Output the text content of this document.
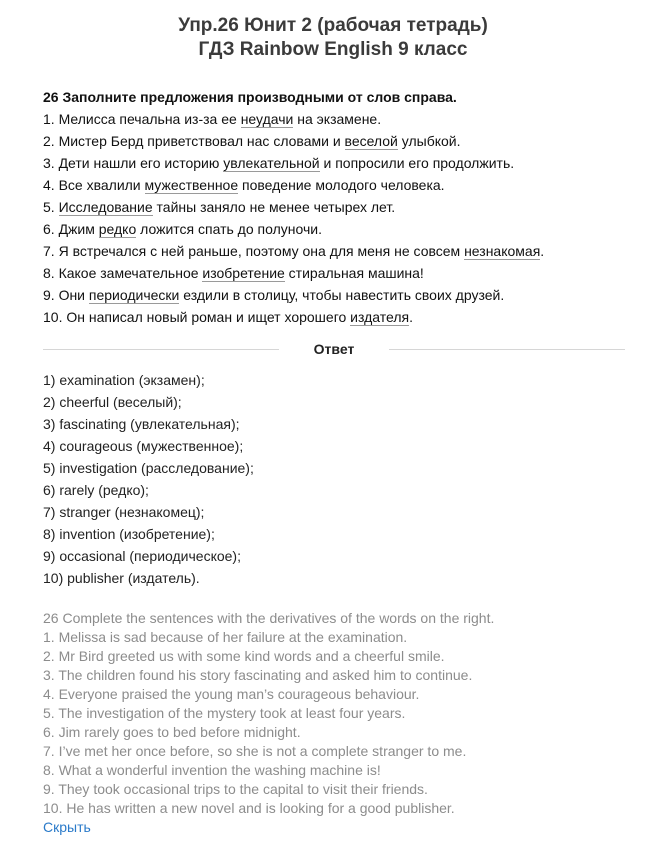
Упр.26 Юнит 2 (рабочая тетрадь)
ГДЗ Rainbow English 9 класс
26 Заполните предложения производными от слов справа.
1. Мелисса печальна из-за ее неудачи на экзамене.
2. Мистер Берд приветствовал нас словами и веселой улыбкой.
3. Дети нашли его историю увлекательной и попросили его продолжить.
4. Все хвалили мужественное поведение молодого человека.
5. Исследование тайны заняло не менее четырех лет.
6. Джим редко ложится спать до полуночи.
7. Я встречался с ней раньше, поэтому она для меня не совсем незнакомая.
8. Какое замечательное изобретение стиральная машина!
9. Они периодически ездили в столицу, чтобы навестить своих друзей.
10. Он написал новый роман и ищет хорошего издателя.
Ответ
1) examination (экзамен);
2) cheerful (веселый);
3) fascinating (увлекательная);
4) courageous (мужественное);
5) investigation (расследование);
6) rarely (редко);
7) stranger (незнакомец);
8) invention (изобретение);
9) occasional (периодическое);
10) publisher (издатель).
26 Complete the sentences with the derivatives of the words on the right.
1. Melissa is sad because of her failure at the examination.
2. Mr Bird greeted us with some kind words and a cheerful smile.
3. The children found his story fascinating and asked him to continue.
4. Everyone praised the young man’s courageous behaviour.
5. The investigation of the mystery took at least four years.
6. Jim rarely goes to bed before midnight.
7. I’ve met her once before, so she is not a complete stranger to me.
8. What a wonderful invention the washing machine is!
9. They took occasional trips to the capital to visit their friends.
10. He has written a new novel and is looking for a good publisher.
Скрыть
